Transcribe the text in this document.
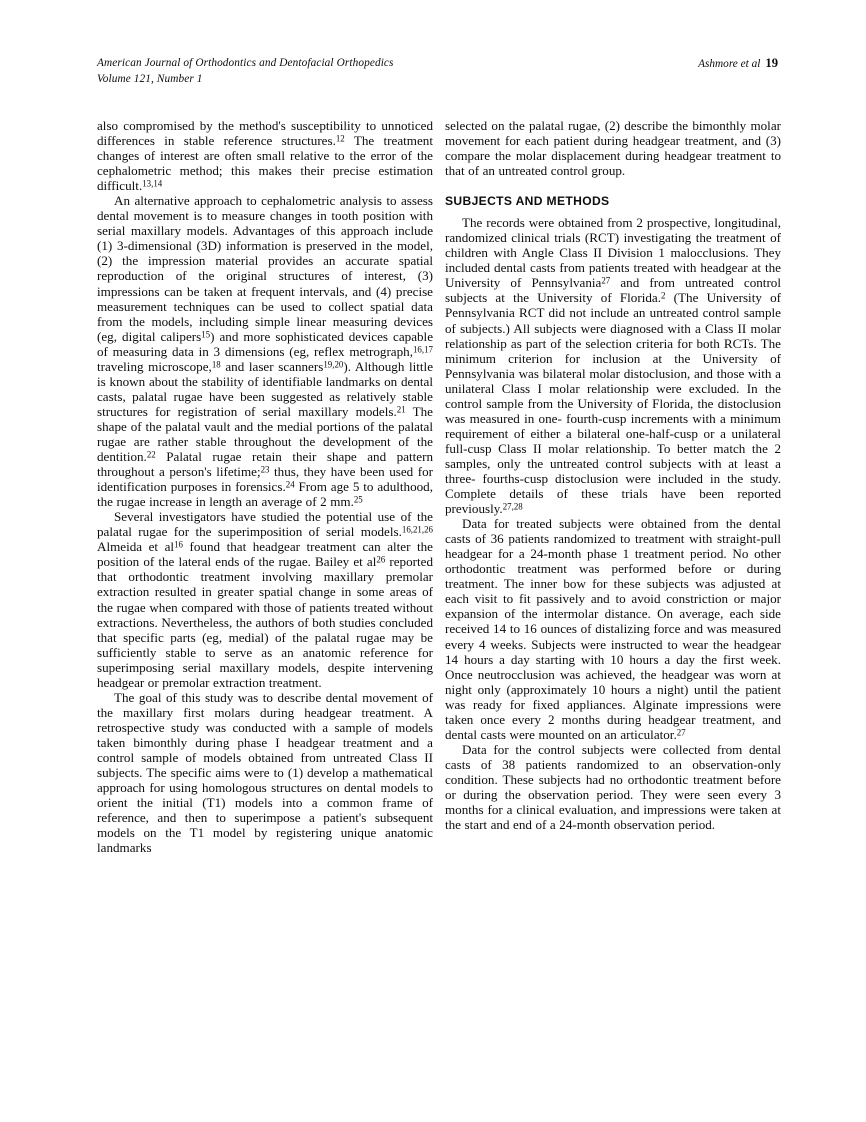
American Journal of Orthodontics and Dentofacial Orthopedics
Volume 121, Number 1
Ashmore et al 19

also compromised by the method's susceptibility to unnoticed differences in stable reference structures.$^{12}$ The treatment changes of interest are often small relative to the error of the cephalometric method; this makes their precise estimation difficult.$^{13,14}$

An alternative approach to cephalometric analysis to assess dental movement is to measure changes in tooth position with serial maxillary models. Advantages of this approach include (1) 3-dimensional (3D) information is preserved in the model, (2) the impression material provides an accurate spatial reproduction of the original structures of interest, (3) impressions can be taken at frequent intervals, and (4) precise measurement techniques can be used to collect spatial data from the models, including simple linear measuring devices (eg, digital calipers$^{15}$) and more sophisticated devices capable of measuring data in 3 dimensions (eg, reflex metrograph,$^{16,17}$ traveling microscope,$^{18}$ and laser scanners$^{19,20}$). Although little is known about the stability of identifiable landmarks on dental casts, palatal rugae have been suggested as relatively stable structures for registration of serial maxillary models.$^{21}$ The shape of the palatal vault and the medial portions of the palatal rugae are rather stable throughout the development of the dentition.$^{22}$ Palatal rugae retain their shape and pattern throughout a person's lifetime;$^{23}$ thus, they have been used for identification purposes in forensics.$^{24}$ From age 5 to adulthood, the rugae increase in length an average of 2 mm.$^{25}$

Several investigators have studied the potential use of the palatal rugae for the superimposition of serial models.$^{16,21,26}$ Almeida et $al^{16}$ found that headgear treatment can alter the position of the lateral ends of the rugae. Bailey et $al^{26}$ reported that orthodontic treatment involving maxillary premolar extraction resulted in greater spatial change in some areas of the rugae when compared with those of patients treated without extractions. Nevertheless, the authors of both studies concluded that specific parts (eg, medial) of the palatal rugae may be sufficiently stable to serve as an anatomic reference for superimposing serial maxillary models, despite intervening headgear or premolar extraction treatment.

The goal of this study was to describe dental movement of the maxillary first molars during headgear treatment. A retrospective study was conducted with a sample of models taken bimonthly during phase I headgear treatment and a control sample of models obtained from untreated Class II subjects. The specific aims were to (1) develop a mathematical approach for using homologous structures on dental models to orient the initial (T1) models into a common frame of reference, and then to superimpose a patient's subsequent models on the T1 model by registering unique anatomic landmarks

selected on the palatal rugae, (2) describe the bimonthly molar movement for each patient during headgear treatment, and (3) compare the molar displacement during headgear treatment to that of an untreated control group.

SUBJECTS AND METHODS

The records were obtained from 2 prospective, longitudinal, randomized clinical trials (RCT) investigating the treatment of children with Angle Class II Division 1 malocclusions. They included dental casts from patients treated with headgear at the University of Pennsylvania$^{27}$ and from untreated control subjects at the University of Florida.$^2$ (The University of Pennsylvania RCT did not include an untreated control sample of subjects.) All subjects were diagnosed with a Class II molar relationship as part of the selection criteria for both RCTs. The minimum criterion for inclusion at the University of Pennsylvania was bilateral molar distoclusion, and those with a unilateral Class I molar relationship were excluded. In the control sample from the University of Florida, the distoclusion was measured in one- fourth-cusp increments with a minimum requirement of either a bilateral one-half-cusp or a unilateral full-cusp Class II molar relationship. To better match the 2 samples, only the untreated control subjects with at least a three- fourths-cusp distoclusion were included in the study. Complete details of these trials have been reported previously.$^{27,28}$

Data for treated subjects were obtained from the dental casts of 36 patients randomized to treatment with straight-pull headgear for a 24-month phase 1 treatment period. No other orthodontic treatment was performed before or during treatment. The inner bow for these subjects was adjusted at each visit to fit passively and to avoid constriction or major expansion of the intermolar distance. On average, each side received 14 to 16 ounces of distalizing force and was measured every 4 weeks. Subjects were instructed to wear the headgear 14 hours a day starting with 10 hours a day the first week. Once neutrocclusion was achieved, the headgear was worn at night only (approximately 10 hours a night) until the patient was ready for fixed appliances. Alginate impressions were taken once every 2 months during headgear treatment, and dental casts were mounted on an articulator.$^{27}$

Data for the control subjects were collected from dental casts of 38 patients randomized to an observation-only condition. These subjects had no orthodontic treatment before or during the observation period. They were seen every 3 months for a clinical evaluation, and impressions were taken at the start and end of a 24-month observation period.
